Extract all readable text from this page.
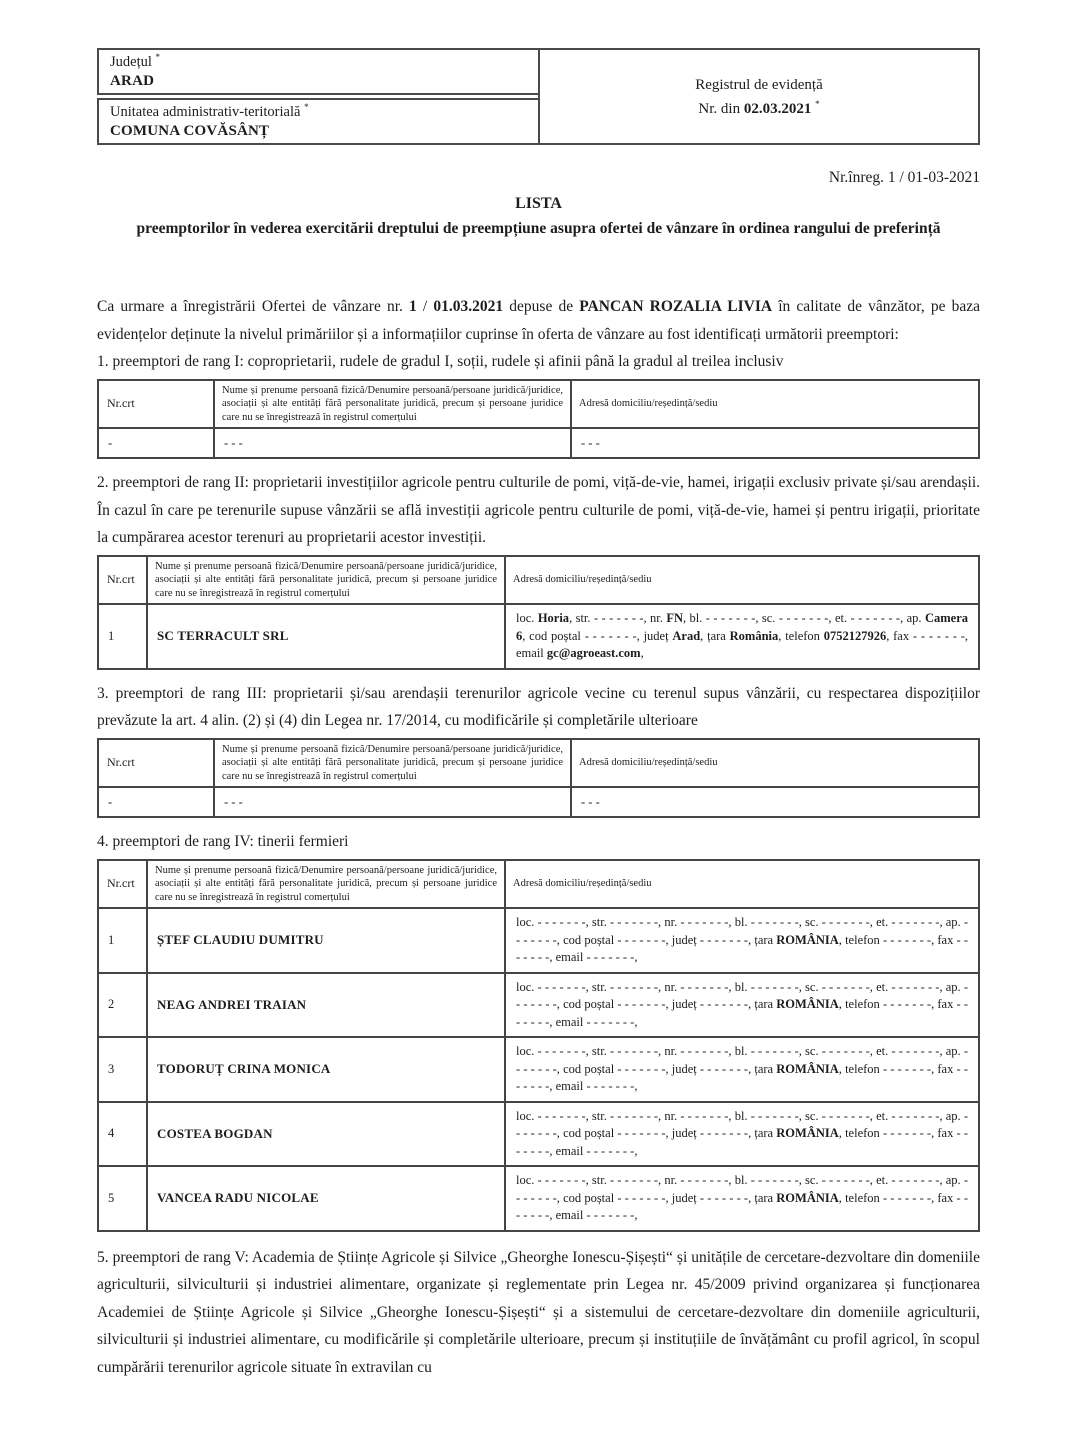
Județul *
ARAD
Unitatea administrativ-teritorială *
COMUNA COVĂSÂNȚ
Registrul de evidență
Nr. din 02.03.2021 *
Nr.înreg. 1 / 01-03-2021
LISTA
preemptorilor în vederea exercitării dreptului de preempțiune asupra ofertei de vânzare în ordinea rangului de preferință

Ca urmare a înregistrării Ofertei de vânzare nr. 1 / 01.03.2021 depuse de PANCAN ROZALIA LIVIA în calitate de vânzător, pe baza evidențelor deținute la nivelul primăriilor și a informațiilor cuprinse în oferta de vânzare au fost identificați următorii preemptori:

1. preemptori de rang I: coproprietarii, rudele de gradul I, soții, rudele și afinii până la gradul al treilea inclusiv
Nr.crt	Nume și prenume persoană fizică/Denumire persoană/persoane juridică/juridice, asociații și alte entități fără personalitate juridică, precum și persoane juridice care nu se înregistrează în registrul comerțului	Adresă domiciliu/reședință/sediu
-	- - -	- - -
2. preemptori de rang II: proprietarii investițiilor agricole pentru culturile de pomi, viță-de-vie, hamei, irigații exclusiv private și/sau arendașii. În cazul în care pe terenurile supuse vânzării se află investiții agricole pentru culturile de pomi, viță-de-vie, hamei și pentru irigații, prioritate la cumpărarea acestor terenuri au proprietarii acestor investiții.
Nr.crt	Nume și prenume persoană fizică/Denumire persoană/persoane juridică/juridice, asociații și alte entități fără personalitate juridică, precum și persoane juridice care nu se înregistrează în registrul comerțului	Adresă domiciliu/reședință/sediu
1	SC TERRACULT SRL	loc. Horia, str. - - - - - - -, nr. FN, bl. - - - - - - -, sc. - - - - - - -, et. - - - - - - -, ap. Camera 6, cod poștal - - - - - - -, județ Arad, țara România, telefon 0752127926, fax - - - - - - -, email gc@agroeast.com,
3. preemptori de rang III: proprietarii și/sau arendașii terenurilor agricole vecine cu terenul supus vânzării, cu respectarea dispozițiilor prevăzute la art. 4 alin. (2) și (4) din Legea nr. 17/2014, cu modificările și completările ulterioare
Nr.crt	Nume și prenume persoană fizică/Denumire persoană/persoane juridică/juridice, asociații și alte entități fără personalitate juridică, precum și persoane juridice care nu se înregistrează în registrul comerțului	Adresă domiciliu/reședință/sediu
-	- - -	- - -
4. preemptori de rang IV: tinerii fermieri
Nr.crt	Nume și prenume persoană fizică/Denumire persoană/persoane juridică/juridice, asociații și alte entități fără personalitate juridică, precum și persoane juridice care nu se înregistrează în registrul comerțului	Adresă domiciliu/reședință/sediu
1	ȘTEF CLAUDIU DUMITRU	loc. - - - - - - -, str. - - - - - - -, nr. - - - - - - -, bl. - - - - - - -, sc. - - - - - - -, et. - - - - - - -, ap. - - - - - - -, cod poștal - - - - - - -, județ - - - - - - -, țara ROMÂNIA, telefon - - - - - - -, fax - - - - - - -, email - - - - - - -,
2	NEAG ANDREI TRAIAN	loc. - - - - - - -, str. - - - - - - -, nr. - - - - - - -, bl. - - - - - - -, sc. - - - - - - -, et. - - - - - - -, ap. - - - - - - -, cod poștal - - - - - - -, județ - - - - - - -, țara ROMÂNIA, telefon - - - - - - -, fax - - - - - - -, email - - - - - - -,
3	TODORUȚ CRINA MONICA	loc. - - - - - - -, str. - - - - - - -, nr. - - - - - - -, bl. - - - - - - -, sc. - - - - - - -, et. - - - - - - -, ap. - - - - - - -, cod poștal - - - - - - -, județ - - - - - - -, țara ROMÂNIA, telefon - - - - - - -, fax - - - - - - -, email - - - - - - -,
4	COSTEA BOGDAN	loc. - - - - - - -, str. - - - - - - -, nr. - - - - - - -, bl. - - - - - - -, sc. - - - - - - -, et. - - - - - - -, ap. - - - - - - -, cod poștal - - - - - - -, județ - - - - - - -, țara ROMÂNIA, telefon - - - - - - -, fax - - - - - - -, email - - - - - - -,
5	VANCEA RADU NICOLAE	loc. - - - - - - -, str. - - - - - - -, nr. - - - - - - -, bl. - - - - - - -, sc. - - - - - - -, et. - - - - - - -, ap. - - - - - - -, cod poștal - - - - - - -, județ - - - - - - -, țara ROMÂNIA, telefon - - - - - - -, fax - - - - - - -, email - - - - - - -,
5. preemptori de rang V: Academia de Științe Agricole și Silvice „Gheorghe Ionescu-Șișești“ și unitățile de cercetare-dezvoltare din domeniile agriculturii, silviculturii și industriei alimentare, organizate și reglementate prin Legea nr. 45/2009 privind organizarea și funcționarea Academiei de Științe Agricole și Silvice „Gheorghe Ionescu-Șișești“ și a sistemului de cercetare-dezvoltare din domeniile agriculturii, silviculturii și industriei alimentare, cu modificările și completările ulterioare, precum și instituțiile de învățământ cu profil agricol, în scopul cumpărării terenurilor agricole situate în extravilan cu
